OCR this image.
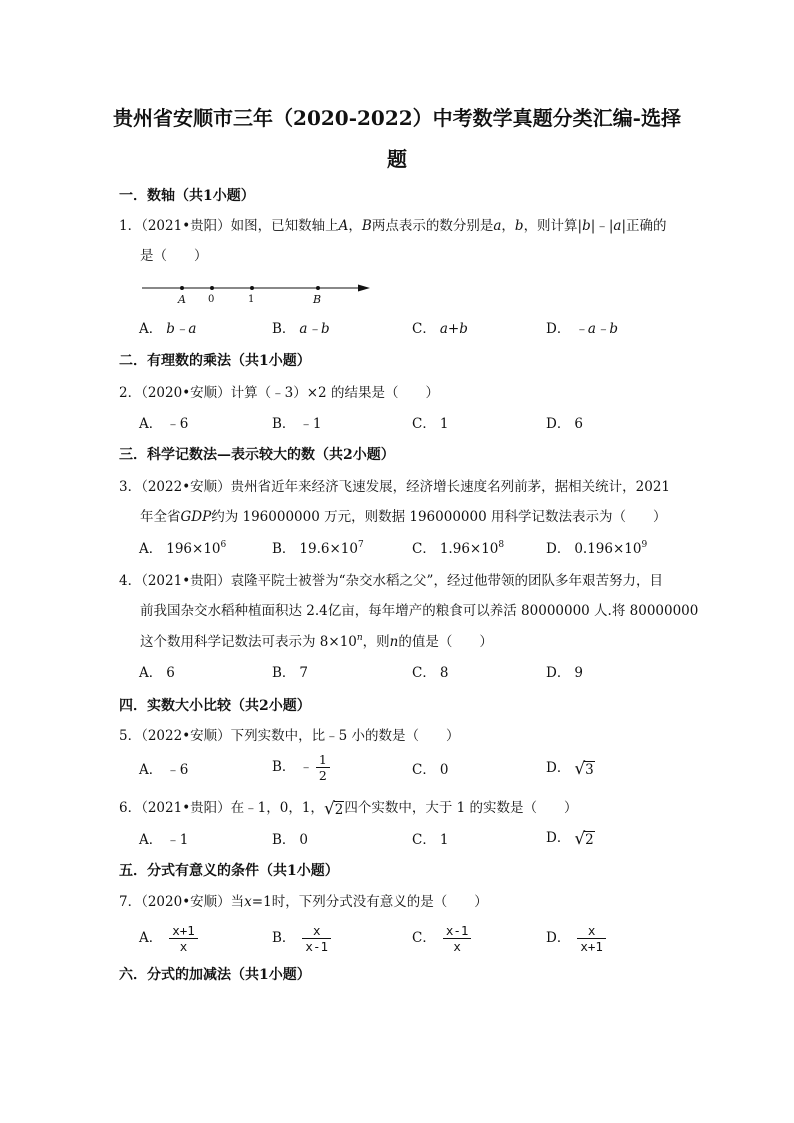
贵州省安顺市三年（2020-2022）中考数学真题分类汇编-选择
题
一．数轴（共1小题）
1．（2021•贵阳）如图，已知数轴上A，B两点表示的数分别是a，b，则计算|b|﹣|a|正确的
是（　　）
A 0	1	B
A． b﹣a	B． a﹣b	C． a+b	D． ﹣a﹣b
二．有理数的乘法（共1小题）
2．（2020•安顺）计算（﹣3）×2 的结果是（　　）
A． ﹣6	B． ﹣1	C． 1	D． 6
三．科学记数法—表示较大的数（共2小题）
3．（2022•安顺）贵州省近年来经济飞速发展，经济增长速度名列前茅，据相关统计，2021
年全省GDP约为 196000000 万元，则数据 196000000 用科学记数法表示为（　　）
A． $196\times 10^6$	B． $19.6\times 10^7$	C． $1.96\times 10^8$	D． $0.196\times 10^9$
4．（2021•贵阳）袁隆平院士被誉为“杂交水稻之父”，经过他带领的团队多年艰苦努力，目
前我国杂交水稻种植面积达 2.4亿亩，每年增产的粮食可以养活 80000000 人.将 80000000
这个数用科学记数法可表示为 $8\times 10^n$，则n的值是（　　）
A． 6	B． 7	C． 8	D． 9
四．实数大小比较（共2小题）
5．（2022•安顺）下列实数中，比﹣5 小的数是（　　）
A． ﹣6	B． ﹣ $\frac{1}{2}$	C． 0	D． √ 3
6．（2021•贵阳）在﹣1，0，1， √ 2 四个实数中，大于 1 的实数是（　　）
A． ﹣1	B． 0	C． 1	D． √ 2
五．分式有意义的条件（共1小题）
7．（2020•安顺）当x=1时，下列分式没有意义的是（　　）
A． $\frac{x+1}{x}$	B． $\frac{x}{x-1}$	C． $\frac{x-1}{x}$	D． $\frac{x}{x+1}$
六．分式的加减法（共1小题）
